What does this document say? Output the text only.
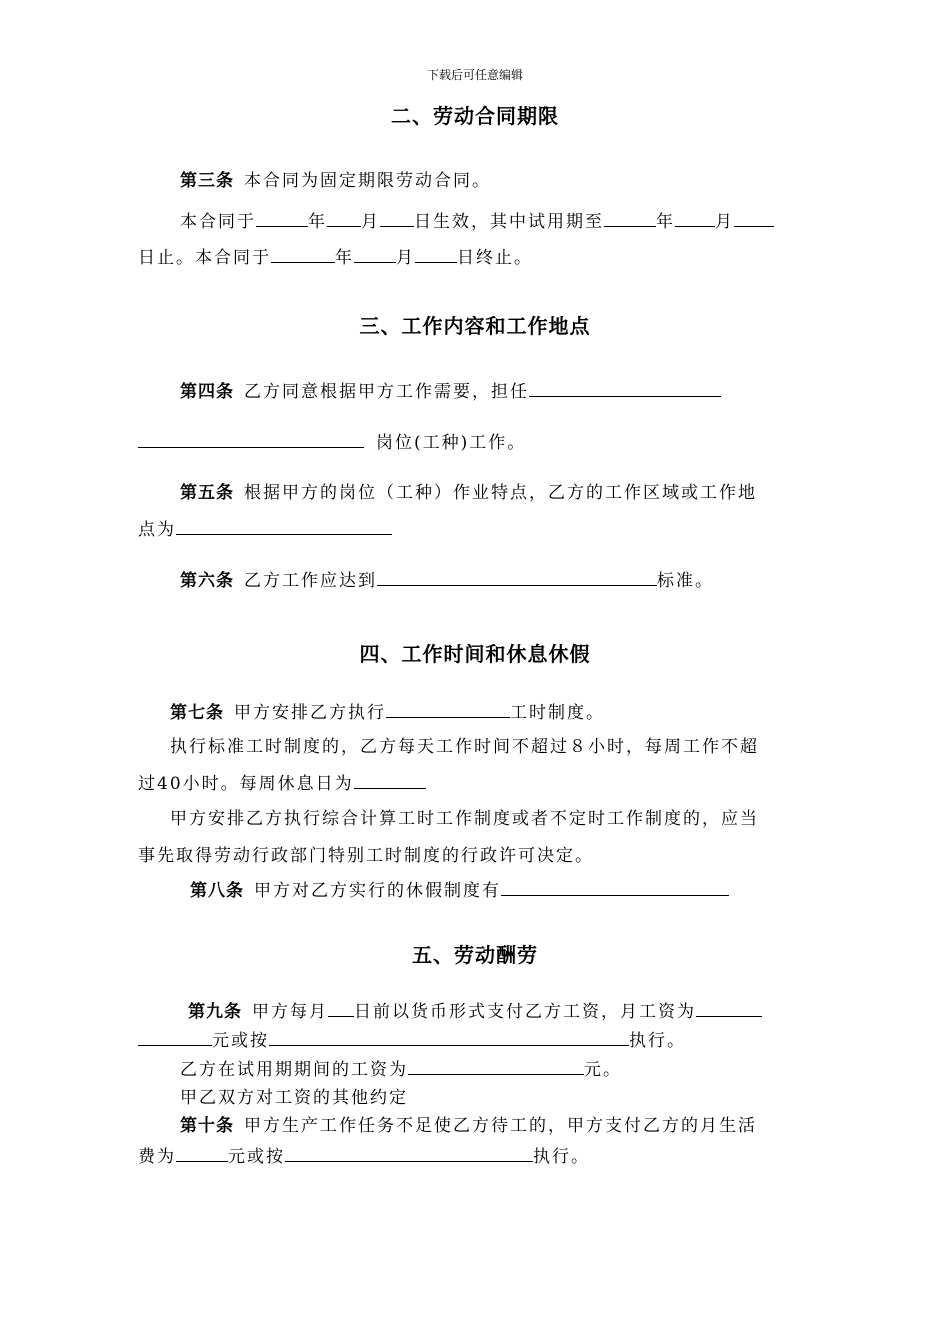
下载后可任意编辑
二、劳动合同期限
第三条 本合同为固定期限劳动合同。
本合同于	年 月 日生效，其中试用期至	年 月
日止。本合同于	年 月 日终止。
三、工作内容和工作地点
第四条 乙方同意根据甲方工作需要，担任
岗位(工种)工作。
第五条 根据甲方的岗位（工种）作业特点，乙方的工作区域或工作地
点为
第六条 乙方工作应达到	标准。
四、工作时间和休息休假
第七条 甲方安排乙方执行	工时制度。
执行标准工时制度的，乙方每天工作时间不超过８小时，每周工作不超
过40小时。每周休息日为
甲方安排乙方执行综合计算工时工作制度或者不定时工作制度的，应当
事先取得劳动行政部门特别工时制度的行政许可决定。
第八条 甲方对乙方实行的休假制度有
五、劳动酬劳
第九条 甲方每月 日前以货币形式支付乙方工资，月工资为
元或按	执行。
乙方在试用期期间的工资为	元。
甲乙双方对工资的其他约定
第十条 甲方生产工作任务不足使乙方待工的，甲方支付乙方的月生活
费为	元或按	执行。
